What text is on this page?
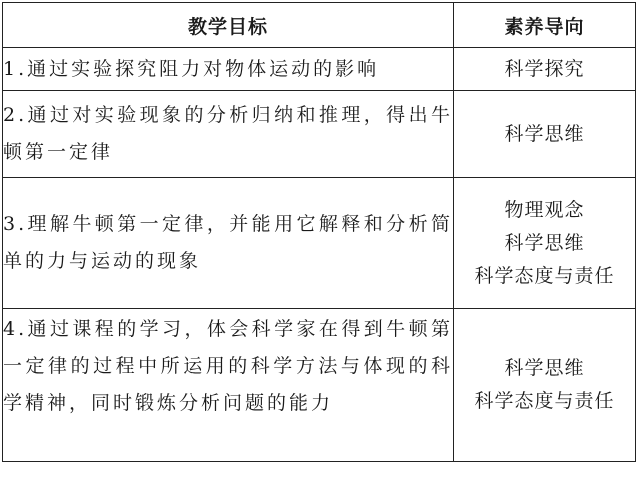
教学目标	素养导向
1.通过实验探究阻力对物体运动的影响	科学探究

2.通过对实验现象的分析归纳和推理，得出牛顿第一定律	科学思维

3.理解牛顿第一定律，并能用它解释和分析简单的力与运动的现象	物理观念
科学思维
科学态度与责任

4.通过课程的学习，体会科学家在得到牛顿第一定律的过程中所运用的科学方法与体现的科学精神，同时锻炼分析问题的能力	科学思维
科学态度与责任
